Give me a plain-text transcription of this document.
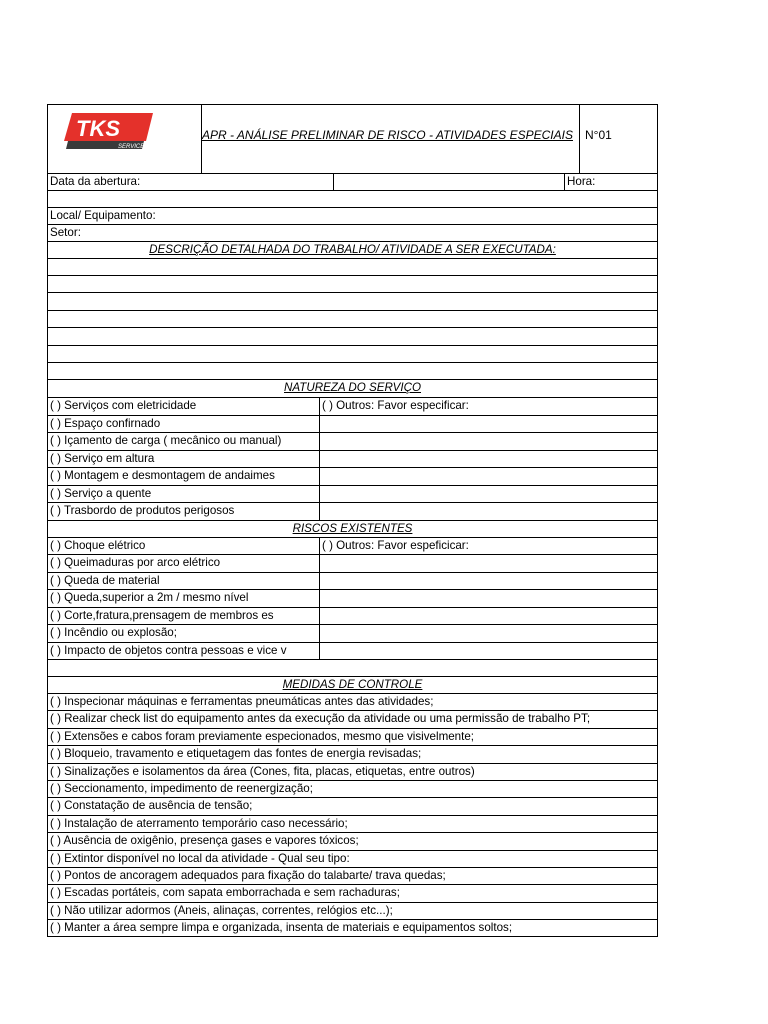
TKS
SERVICE
APR - ANÁLISE PRELIMINAR DE RISCO - ATIVIDADES ESPECIAIS	N°01
Data da abertura:	Hora:
Local/ Equipamento:
Setor:
DESCRIÇÃO DETALHADA DO TRABALHO/ ATIVIDADE A SER EXECUTADA:
NATUREZA DO SERVIÇO
( ) Serviços com eletricidade	( ) Outros: Favor especificar:
( ) Espaço confirnado
( ) Içamento de carga ( mecânico ou manual)
( ) Serviço em altura
( ) Montagem e desmontagem de andaimes
( ) Serviço a quente
( ) Trasbordo de produtos perigosos
RISCOS EXISTENTES
( ) Choque elétrico	( ) Outros: Favor espeficicar:
( ) Queimaduras por arco elétrico
( ) Queda de material
( ) Queda,superior a 2m / mesmo nível
( ) Corte,fratura,prensagem de membros es
( ) Incêndio ou explosão;
( ) Impacto de objetos contra pessoas e vice v
MEDIDAS DE CONTROLE
( ) Inspecionar máquinas e ferramentas pneumáticas antes das atividades;
( ) Realizar check list do equipamento antes da execução da atividade ou uma permissão de trabalho PT;
( ) Extensões e cabos foram previamente especionados, mesmo que visivelmente;
( ) Bloqueio, travamento e etiquetagem das fontes de energia revisadas;
( ) Sinalizações e isolamentos da área (Cones, fita, placas, etiquetas, entre outros)
( ) Seccionamento, impedimento de reenergização;
( ) Constatação de ausência de tensão;
( ) Instalação de aterramento temporário caso necessário;
( ) Ausência de oxigênio, presença gases e vapores tóxicos;
( ) Extintor disponível no local da atividade - Qual seu tipo:
( ) Pontos de ancoragem adequados para fixação do talabarte/ trava quedas;
( ) Escadas portáteis, com sapata emborrachada e sem rachaduras;
( ) Não utilizar adormos (Aneis, alinaças, correntes, relógios etc...);
( ) Manter a área sempre limpa e organizada, insenta de materiais e equipamentos soltos;
